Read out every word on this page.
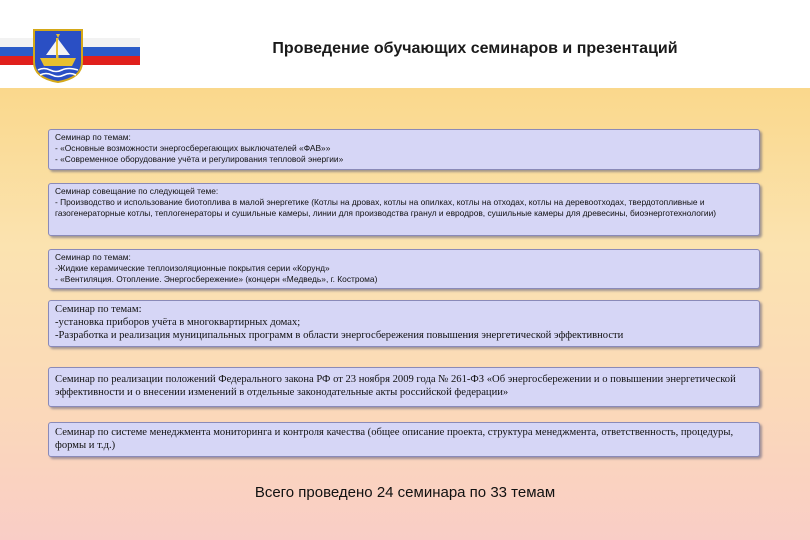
Проведение обучающих семинаров и презентаций
Семинар по темам:
- «Основные возможности энергосберегающих выключателей «ФАВ»»
- «Современное оборудование учёта и регулирования тепловой энергии»
Семинар совещание по следующей теме:
- Производство и использование биотоплива в малой энергетике (Котлы на дровах, котлы на опилках, котлы на отходах, котлы на деревоотходах, твердотопливные и газогенераторные котлы, теплогенераторы и сушильные камеры, линии для производства гранул и евродров, сушильные камеры для древесины, биоэнерготехнологии)
Семинар по темам:
-Жидкие керамические теплоизоляционные покрытия серии «Корунд»
- «Вентиляция. Отопление. Энергосбережение» (концерн «Медведь», г. Кострома)
Семинар по темам:
-установка приборов учёта в многоквартирных домах;
-Разработка и реализация муниципальных программ в области энергосбережения повышения энергетической эффективности
Семинар по реализации положений Федерального закона РФ от 23 ноября 2009 года № 261-ФЗ «Об энергосбережении и о повышении энергетической эффективности и о внесении изменений в отдельные законодательные акты российской федерации»
Семинар по системе менеджмента мониторинга и контроля качества (общее описание проекта, структура менеджмента, ответственность, процедуры, формы и т.д.)
Всего проведено 24 семинара по 33 темам
